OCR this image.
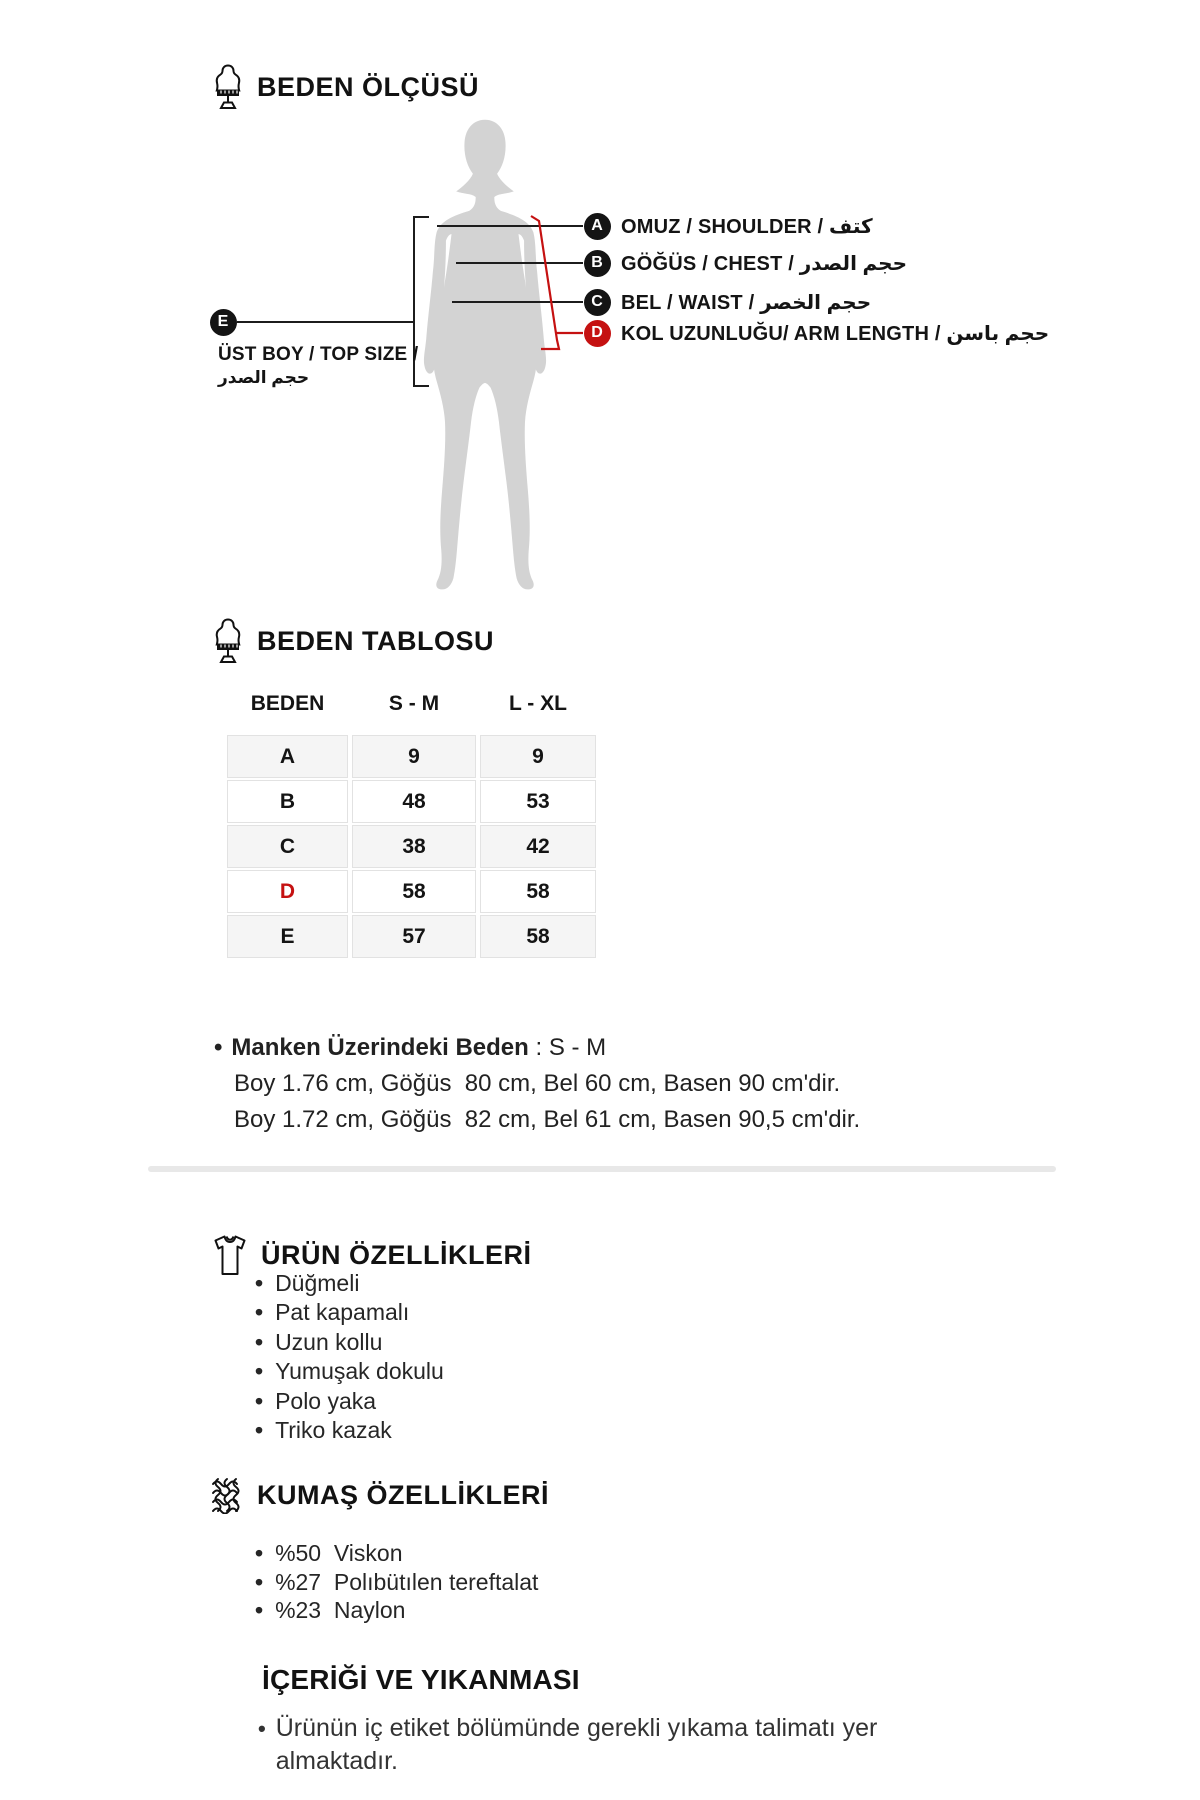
BEDEN ÖLÇÜSÜ
A
B
C
D
E
OMUZ / SHOULDER / كتف
GÖĞÜS / CHEST / حجم الصدر
BEL / WAIST / حجم الخصر
KOL UZUNLUĞU/ ARM LENGTH / حجم باسن
ÜST BOY / TOP SIZE /
حجم الصدر
BEDEN TABLOSU
BEDEN	S - M	L - XL
A	9	9
B	48	53
C	38	42
D	58	58
E	57	58
• Manken Üzerindeki Beden : S - M
Boy 1.76 cm, Göğüs  80 cm, Bel 60 cm, Basen 90 cm'dir.
Boy 1.72 cm, Göğüs  82 cm, Bel 61 cm, Basen 90,5 cm'dir.
ÜRÜN ÖZELLİKLERİ
• Düğmeli
• Pat kapamalı
• Uzun kollu
• Yumuşak dokulu
• Polo yaka
• Triko kazak
KUMAŞ ÖZELLİKLERİ
• %50  Viskon
• %27  Polıbütılen tereftalat
• %23  Naylon
İÇERİĞİ VE YIKANMASI
• Ürünün iç etiket bölümünde gerekli yıkama talimatı yer almaktadır.
